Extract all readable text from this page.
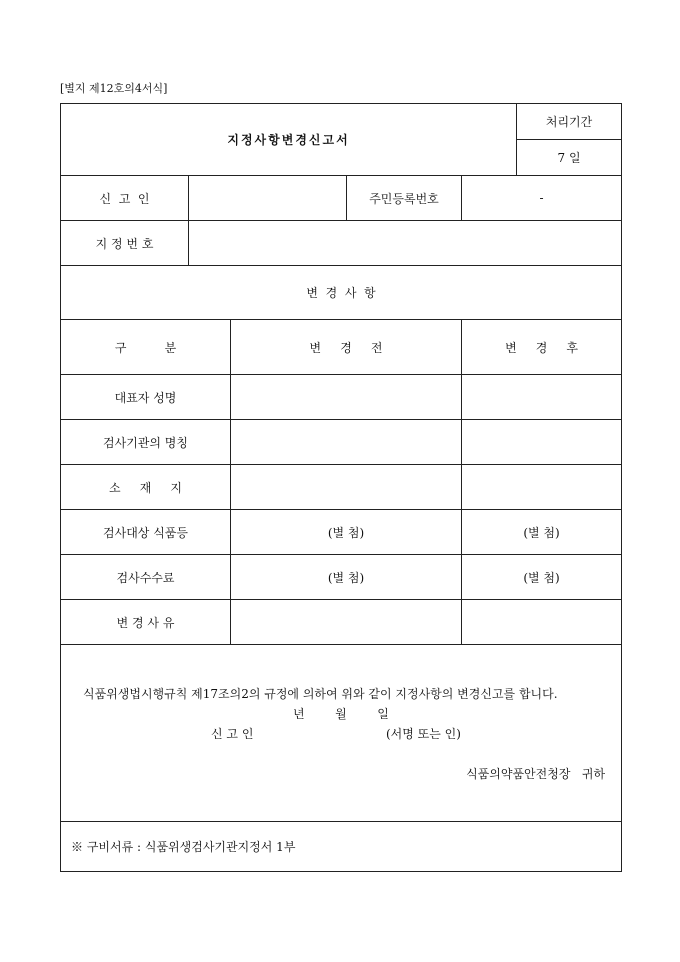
[별지 제12호의4서식]
지정사항변경신고서					처리기간
					7 일
신  고  인			주민등록번호	-	
지 정 번 호					
변  경  사  항					
구          분		변     경     전		변     경     후	
대표자 성명					
검사기관의 명칭					
소     재     지					
검사대상 식품등		(별 첨)		(별 첨)	
검사수수료		(별 첨)		(별 첨)	
변 경 사 유					

식품위생법시행규칙 제17조의2의 규정에 의하여 위와 같이 지정사항의 변경신고를 합니다.
년        월        일
신 고 인 (서명 또는 인)
식품의약품안전청장   귀하					

※ 구비서류 : 식품위생검사기관지정서 1부					
